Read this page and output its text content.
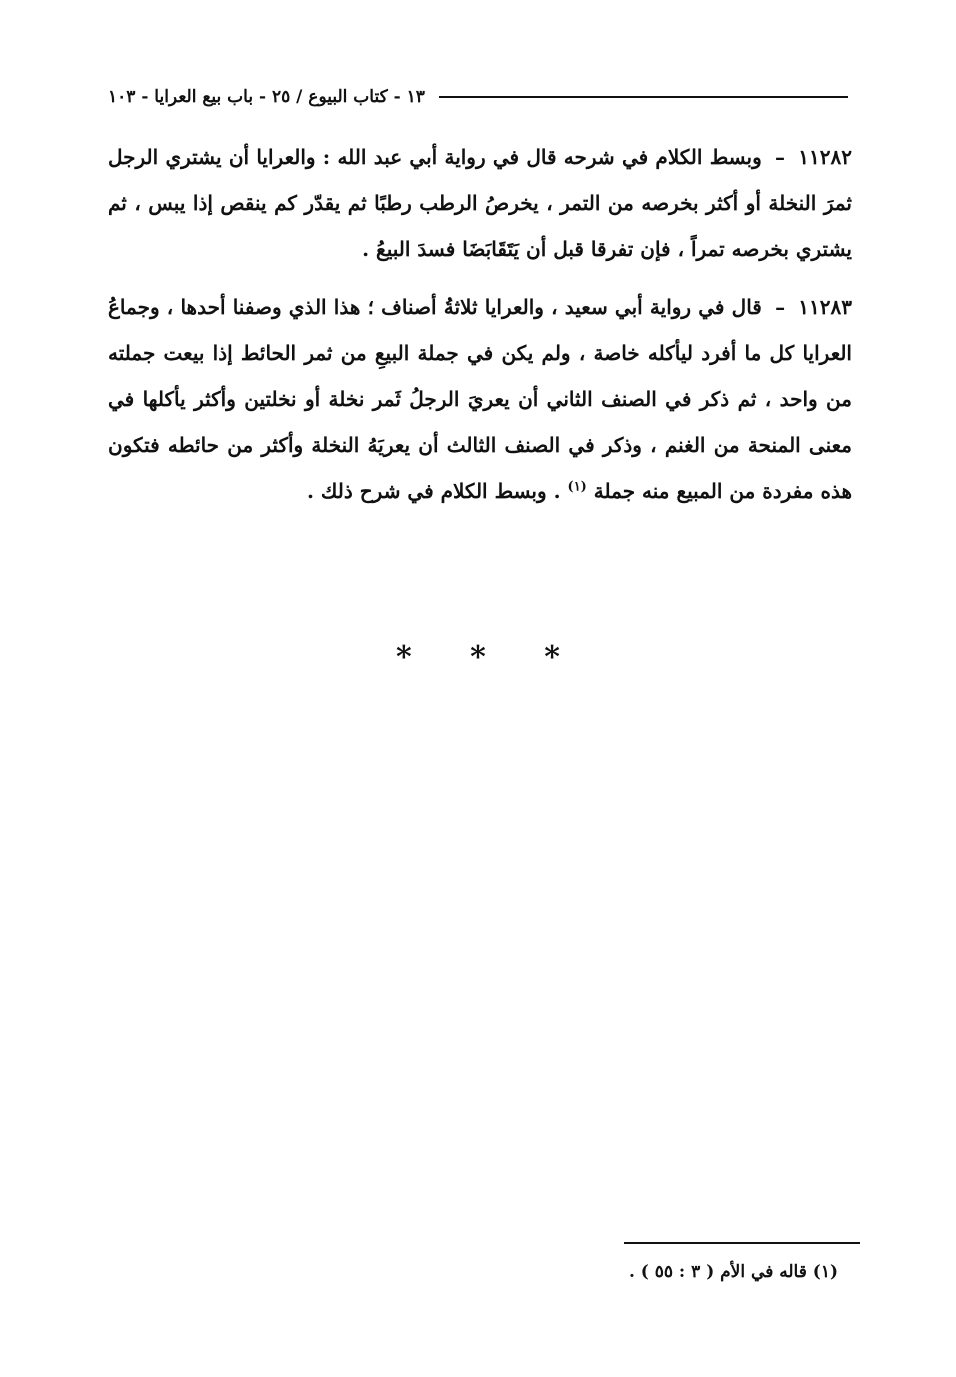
١٣ - كتاب البيوع / ٢٥ - باب بيع العرايا - ١٠٣

١١٢٨٢ – وبسط الكلام في شرحه قال في رواية أبي عبد الله : والعرايا أن يشتري الرجل ثمرَ النخلة أو أكثر بخرصه من التمر ، يخرصُ الرطب رطبًا ثم يقدّر كم ينقص إذا يبس ، ثم يشتري بخرصه تمراً ، فإن تفرقا قبل أن يَتَقَابَضَا فسدَ البيعُ .

١١٢٨٣ – قال في رواية أبي سعيد ، والعرايا ثلاثةُ أصناف ؛ هذا الذي وصفنا أحدها ، وجماعُ العرايا كل ما أفرد ليأكله خاصة ، ولم يكن في جملة البيعِ من ثمر الحائط إذا بيعت جملته من واحد ، ثم ذكر في الصنف الثاني أن يعريَ الرجلُ ثَمر نخلة أو نخلتين وأكثر يأكلها في معنى المنحة من الغنم ، وذكر في الصنف الثالث أن يعريَهُ النخلة وأكثر من حائطه فتكون هذه مفردة من المبيع منه جملة $^{(١)}$ . وبسط الكلام في شرح ذلك .

* * *
(١) قاله في الأم ( ٣ : ٥٥ ) .
